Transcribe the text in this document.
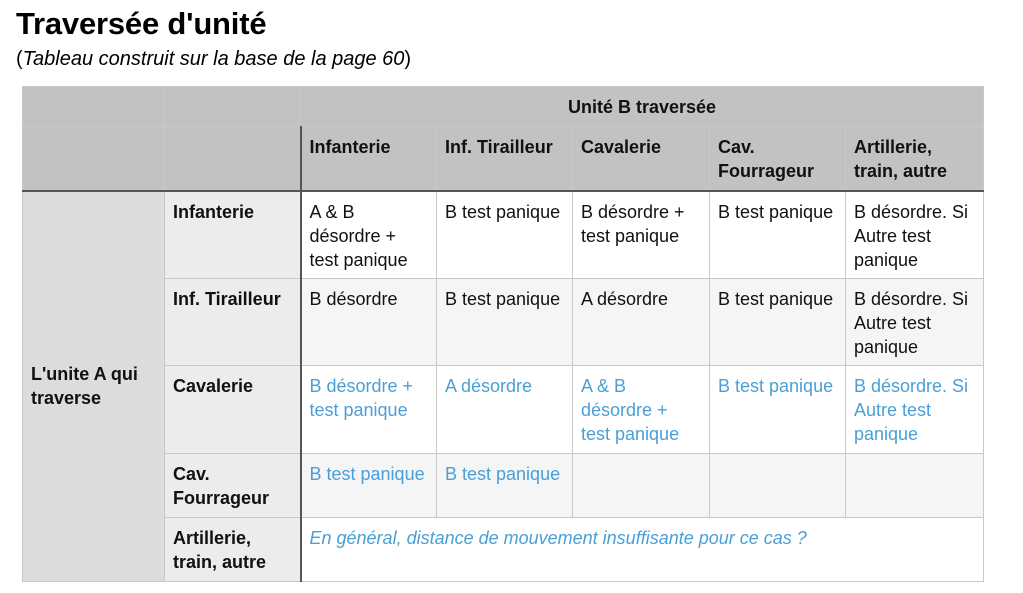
Traversée d'unité

(Tableau construit sur la base de la page 60)

		Unité B traversée				
		Infanterie	Inf. Tirailleur	Cavalerie	Cav. Fourrageur	Artillerie, train, autre
L'unite A qui traverse	Infanterie	A & B désordre + test panique	B test panique	B désordre + test panique	B test panique	B désordre. Si Autre test panique
	Inf. Tirailleur	B désordre	B test panique	A désordre	B test panique	B désordre. Si Autre test panique
	Cavalerie	B désordre + test panique	A désordre	A & B désordre + test panique	B test panique	B désordre. Si Autre test panique
	Cav. Fourrageur	B test panique	B test panique			
	Artillerie, train, autre	En général, distance de mouvement insuffisante pour ce cas ?				
